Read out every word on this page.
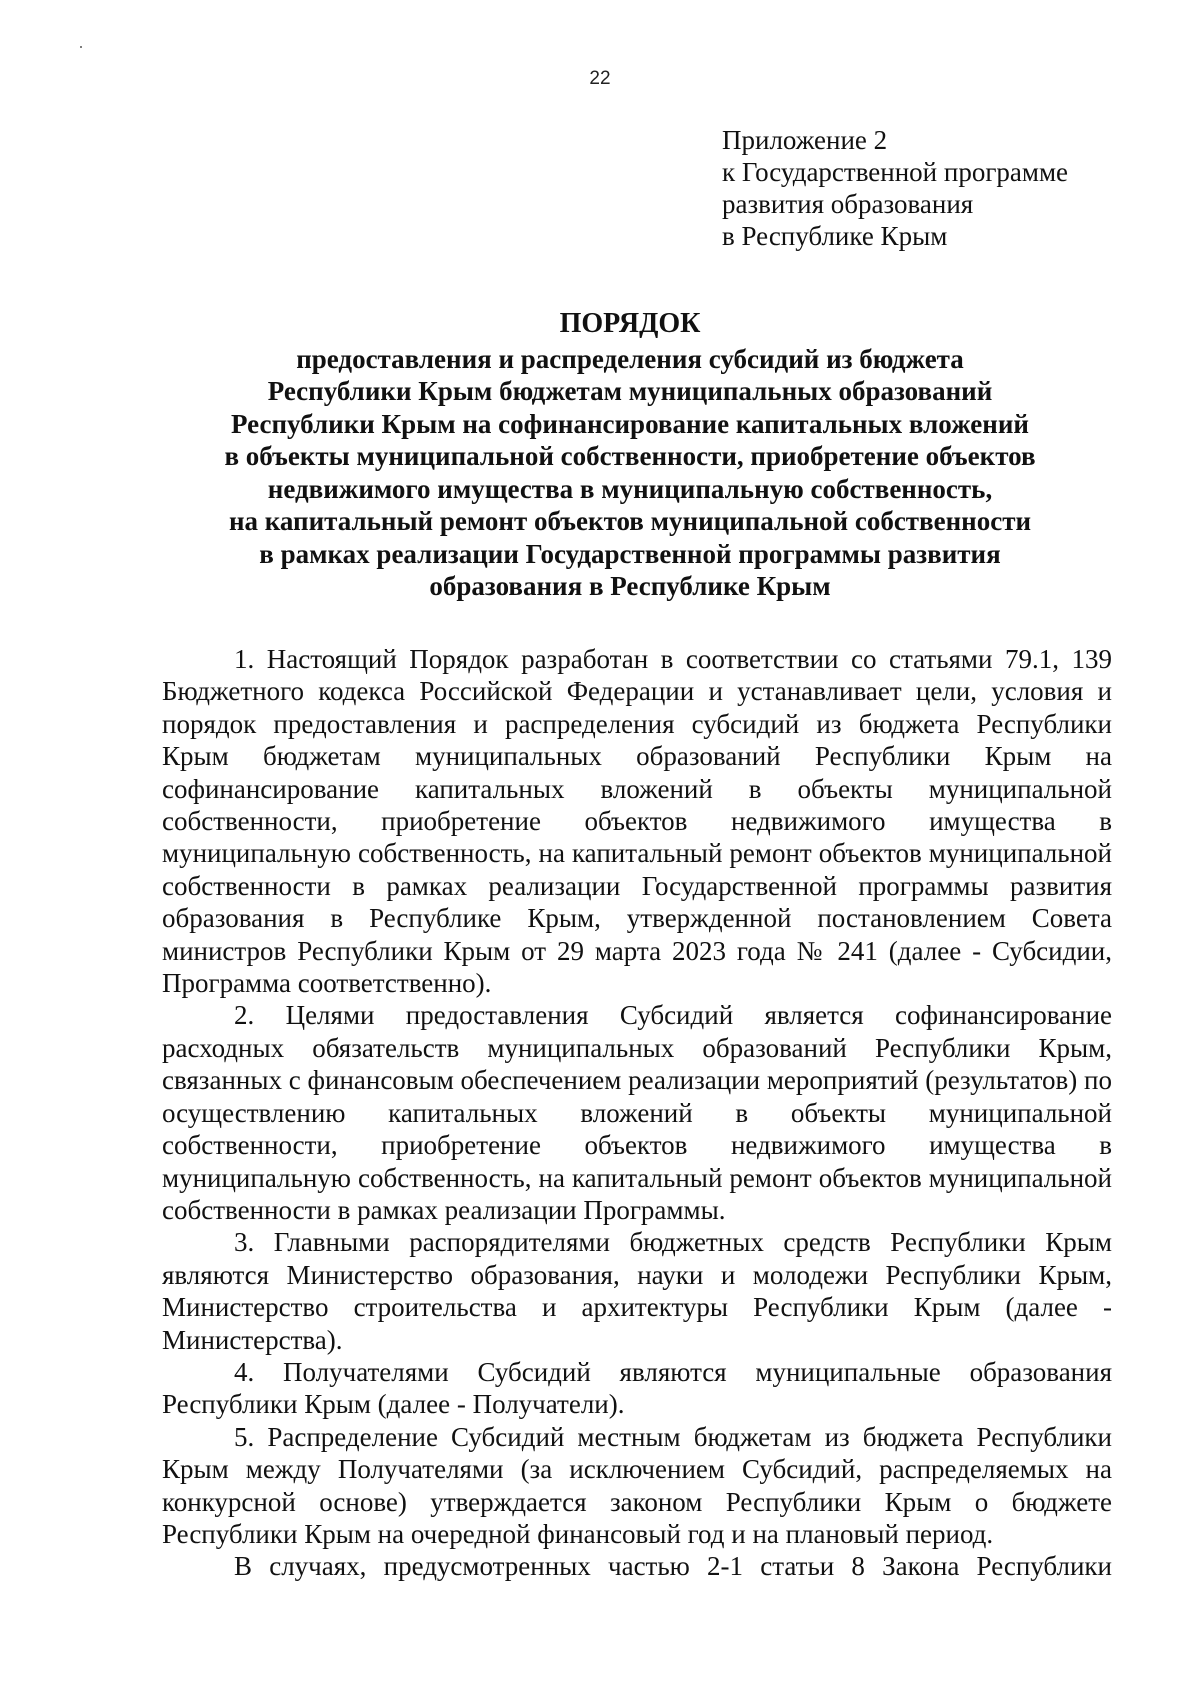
22
Приложение 2
к Государственной программе
развития образования
в Республике Крым
ПОРЯДОК
предоставления и распределения субсидий из бюджета
Республики Крым бюджетам муниципальных образований
Республики Крым на софинансирование капитальных вложений
в объекты муниципальной собственности, приобретение объектов
недвижимого имущества в муниципальную собственность,
на капитальный ремонт объектов муниципальной собственности
в рамках реализации Государственной программы развития
образования в Республике Крым

1. Настоящий Порядок разработан в соответствии со статьями 79.1, 139 Бюджетного кодекса Российской Федерации и устанавливает цели, условия и порядок предоставления и распределения субсидий из бюджета Республики Крым бюджетам муниципальных образований Республики Крым на софинансирование капитальных вложений в объекты муниципальной собственности, приобретение объектов недвижимого имущества в муниципальную собственность, на капитальный ремонт объектов муниципальной собственности в рамках реализации Государственной программы развития образования в Республике Крым, утвержденной постановлением Совета министров Республики Крым от 29 марта 2023 года № 241 (далее - Субсидии, Программа соответственно).

2. Целями предоставления Субсидий является софинансирование расходных обязательств муниципальных образований Республики Крым, связанных с финансовым обеспечением реализации мероприятий (результатов) по осуществлению капитальных вложений в объекты муниципальной собственности, приобретение объектов недвижимого имущества в муниципальную собственность, на капитальный ремонт объектов муниципальной собственности в рамках реализации Программы.

3. Главными распорядителями бюджетных средств Республики Крым являются Министерство образования, науки и молодежи Республики Крым, Министерство строительства и архитектуры Республики Крым (далее - Министерства).

4. Получателями Субсидий являются муниципальные образования Республики Крым (далее - Получатели).

5. Распределение Субсидий местным бюджетам из бюджета Республики Крым между Получателями (за исключением Субсидий, распределяемых на конкурсной основе) утверждается законом Республики Крым о бюджете Республики Крым на очередной финансовый год и на плановый период.

В случаях, предусмотренных частью 2-1 статьи 8 Закона Республики
